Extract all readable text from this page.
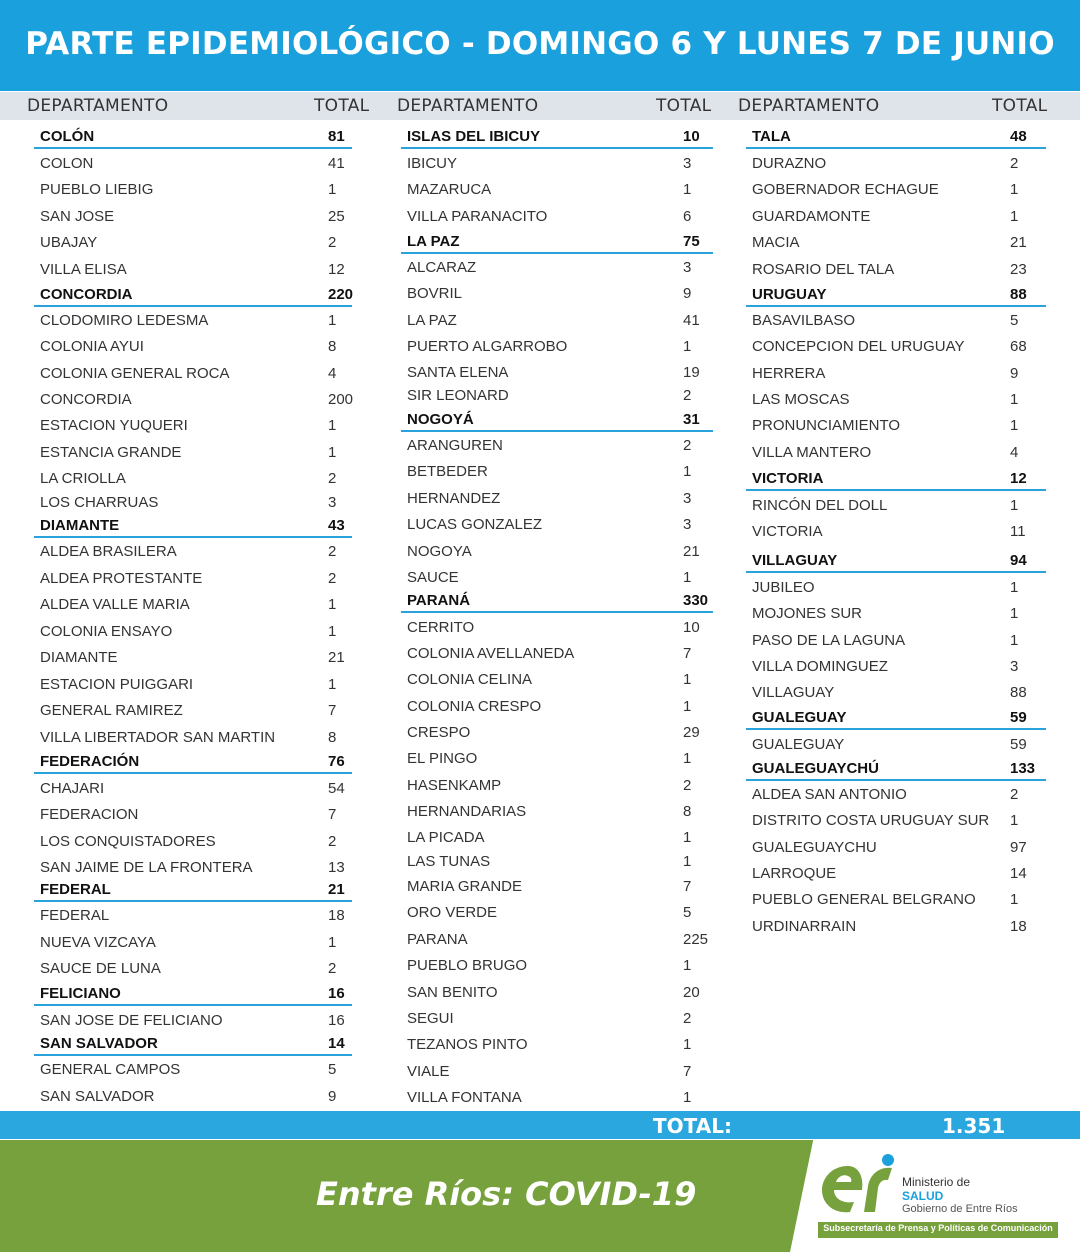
PARTE EPIDEMIOLÓGICO - DOMINGO 6 Y LUNES 7 DE JUNIO
DEPARTAMENTO	TOTAL DEPARTAMENTO	TOTAL DEPARTAMENTO	TOTAL
COLÓN	81
COLON	41
PUEBLO LIEBIG	1
SAN JOSE	25
UBAJAY	2
VILLA ELISA	12
CONCORDIA	220
CLODOMIRO LEDESMA	1
COLONIA AYUI	8
COLONIA GENERAL ROCA	4
CONCORDIA	200
ESTACION YUQUERI	1
ESTANCIA GRANDE	1
LA CRIOLLA	2
LOS CHARRUAS	3
DIAMANTE	43
ALDEA BRASILERA	2
ALDEA PROTESTANTE	2
ALDEA VALLE MARIA	1
COLONIA ENSAYO	1
DIAMANTE	21
ESTACION PUIGGARI	1
GENERAL RAMIREZ	7
VILLA LIBERTADOR SAN MARTIN	8
FEDERACIÓN	76
CHAJARI	54
FEDERACION	7
LOS CONQUISTADORES	2
SAN JAIME DE LA FRONTERA	13
FEDERAL	21
FEDERAL	18
NUEVA VIZCAYA	1
SAUCE DE LUNA	2
FELICIANO	16
SAN JOSE DE FELICIANO	16
SAN SALVADOR	14
GENERAL CAMPOS	5
SAN SALVADOR	9
ISLAS DEL IBICUY	10
IBICUY	3
MAZARUCA	1
VILLA PARANACITO	6
LA PAZ	75
ALCARAZ	3
BOVRIL	9
LA PAZ	41
PUERTO ALGARROBO	1
SANTA ELENA	19
SIR LEONARD	2
NOGOYÁ	31
ARANGUREN	2
BETBEDER	1
HERNANDEZ	3
LUCAS GONZALEZ	3
NOGOYA	21
SAUCE	1
PARANÁ	330
CERRITO	10
COLONIA AVELLANEDA	7
COLONIA CELINA	1
COLONIA CRESPO	1
CRESPO	29
EL PINGO	1
HASENKAMP	2
HERNANDARIAS	8
LA PICADA	1
LAS TUNAS	1
MARIA GRANDE	7
ORO VERDE	5
PARANA	225
PUEBLO BRUGO	1
SAN BENITO	20
SEGUI	2
TEZANOS PINTO	1
VIALE	7
VILLA FONTANA	1
TALA	48
DURAZNO	2
GOBERNADOR ECHAGUE	1
GUARDAMONTE	1
MACIA	21
ROSARIO DEL TALA	23
URUGUAY	88
BASAVILBASO	5
CONCEPCION DEL URUGUAY	68
HERRERA	9
LAS MOSCAS	1
PRONUNCIAMIENTO	1
VILLA MANTERO	4
VICTORIA	12
RINCÓN DEL DOLL	1
VICTORIA	11
VILLAGUAY	94
JUBILEO	1
MOJONES SUR	1
PASO DE LA LAGUNA	1
VILLA DOMINGUEZ	3
VILLAGUAY	88
GUALEGUAY	59
GUALEGUAY	59
GUALEGUAYCHÚ	133
ALDEA SAN ANTONIO	2
DISTRITO COSTA URUGUAY SUR 1
GUALEGUAYCHU	97
LARROQUE	14
PUEBLO GENERAL BELGRANO 1
URDINARRAIN	18
TOTAL:	1.351
Entre Ríos: COVID-19	Ministerio de
SALUD
Gobierno de Entre Ríos
Subsecretaría de Prensa y Políticas de Comunicación
